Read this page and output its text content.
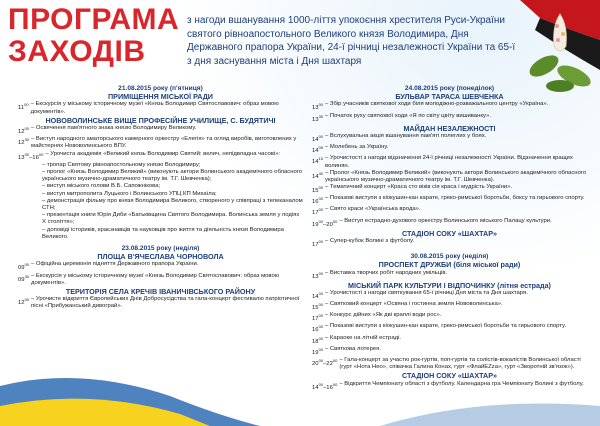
ПРОГРАМА
ЗАХОДІВ
з нагоди вшанування 1000-ліття упокоєння хрестителя Руси-України святого рівноапостольного Великого князя Володимира, Дня Державного прапора України, 24-ї річниці незалежності України та 65-ї з дня заснування міста і Дня шахтаря
21.08.2015 року (п'ятниця)
ПРИМІЩЕННЯ МІСЬКОЇ РАДИ
$11^{00}$ – Екскурсія у міському історичному музеї «Князь Володимир Святославович: образ мовою документів».
НОВОВОЛИНСЬКЕ ВИЩЕ ПРОФЕСІЙНЕ УЧИЛИЩЕ, С. БУДЯТИЧІ
$12^{00}$ – Освячення пам'ятного знака князю Володимиру Великому.
$12^{30}$ – Виступ народного аматорського камерного оркестру «Елегія» та огляд виробів, виготовлених у майстернях Нововолинського ВПУ.
$13^{00}-16^{00}$ – Урочиста академія «Великий князь Володимир Святий: велич, непідвладна часові»:
– тропар Святому рівноапостольному князю Володимиру;
– пролог «Князь Володимир Великий» (виконують актори Волинського академічного обласного українського музично-драматичного театру ім. Т.Г. Шевченка);
– виступ міського голови В.Б. Сапожнікова;
– виступ митрополита Луцького і Волинського УПЦ КП Михаїла;
– демонстрація фільму про князя Володимира Великого, створеного у співпраці з телеканалом СТН;
– презентація книги Юрія Диби «Батьківщина Святого Володимира. Волинська земля у подіях Х століття»;
– доповіді істориків, краєзнавців та науковців про життя та діяльність князя Володимира Великого.
23.08.2015 року (неділя)
ПЛОЩА В'ЯЧЕСЛАВА ЧОРНОВОЛА
$09^{00}$ – Офіційна церемонія підняття Державного прапора України.
$09^{30}$ – Екскурсія у міському історичному музеї «Князь Володимир Святославович: образ мовою документів».
ТЕРИТОРІЯ СЕЛА КРЕЧІВ ІВАНИЧІВСЬКОГО РАЙОНУ
$12^{00}$ – Урочисте відкриття Європейських Днів Добросусідства та гала-концерт фестивалю патріотичної пісні «Прибужанський дивограй».
24.08.2015 року (понеділок)
БУЛЬВАР ТАРАСА ШЕВЧЕНКА
$13^{00}$ – Збір учасників святкової ходи біля молодіжно-розважального центру «Україна».
$13^{30}$ – Початок руху святкової ходи «Я по світу цвіту вишиванку».
МАЙДАН НЕЗАЛЕЖНОСТІ
$14^{00}$ – Вслухувальна акція вшанування пам'яті полеглих у боях.
$14^{05}$ – Молебень за Україну.
$14^{15}$ – Урочистості з нагоди відзначення 24-ї річниці незалежності України. Відзначення кращих волинян.
$14^{40}$ – Пролог «Князь Володимир Великий» (виконують актори Волинського академічного обласного українського музично-драматичного театру ім. Т.Г. Шевченка).
$15^{00}$ – Тематичний концерт «Краса сто віків сія краса і мудрість України».
$16^{00}$ – Показові виступи з кіокушин-кан карате, греко-римської боротьби, боксу та гирьового спорту.
$17^{00}$ – Свято краси «Українська врода».
$19^{00}-20^{00}$ – Виступ естрадно-духового оркестру Волинського міського Палацу культури.
СТАДІОН СОКУ «ШАХТАР»
$17^{00}$ – Супер-кубок Волині з футболу.
30.08.2015 року (неділя)
ПРОСПЕКТ ДРУЖБИ (біля міської ради)
$13^{00}$ – Виставка творчих робіт народних умільців.
МІСЬКИЙ ПАРК КУЛЬТУРИ І ВІДПОЧИНКУ (літня естрада)
$14^{00}$ – Урочистості з нагоди святкування 65-ї річниці Дня міста та Дня шахтаря.
$15^{00}$ – Святковий концерт «Освяна і гостинна земля Нововолинська».
$17^{00}$ – Конкурс дійних «Як дві краплі води рос».
$16^{00}$ – Показові виступи з кіокушин-кан карате, греко-римської боротьби та гирьового спорту.
$18^{00}$ – Караоке на літній естраді.
$19^{00}$ – Святкова лотерея.
$20^{00}-22^{00}$ – Гала-концерт за участю рок-гуртів, поп-гуртів та солістів-вокалістів Волинської області (гурт «Нота Нео», співачка Галина Конах, гурт «ФлайЕZza», гурт «Зворотній зв'язок»).
СТАДІОН СОКУ «ШАХТАР»
$14^{00}-16^{00}$ – Відкриття Чемпіонату області з футболу. Календарна гра Чемпіонату Волині з футболу.
